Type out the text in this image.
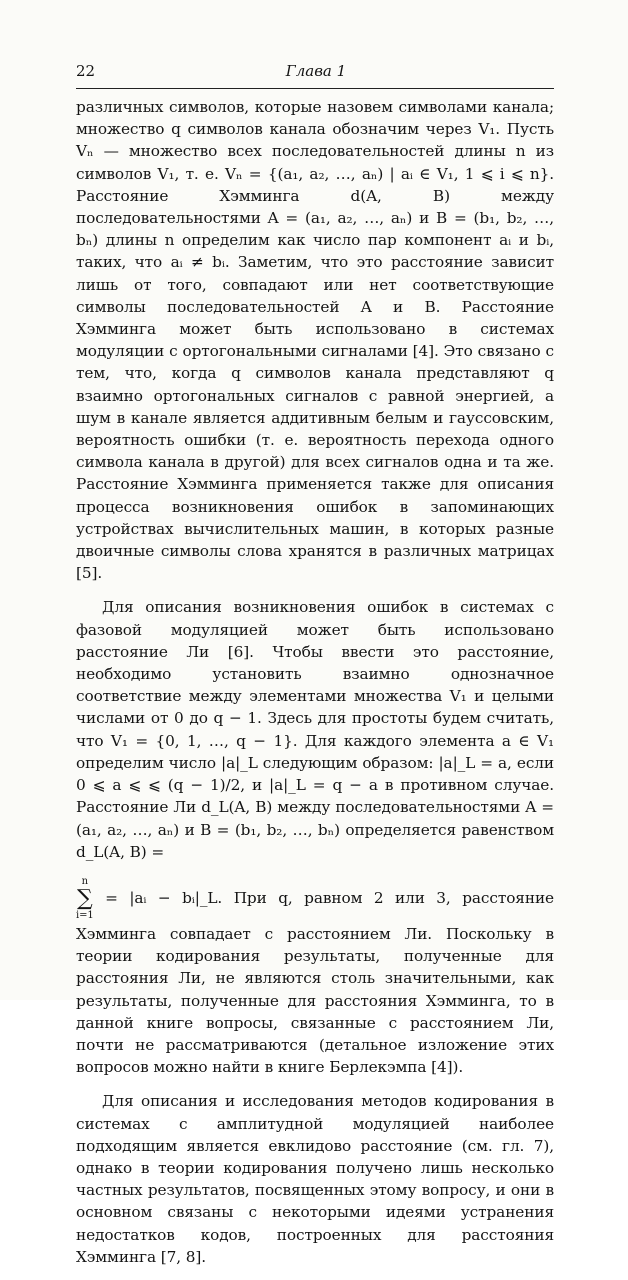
22	Глава 1

различных символов, которые назовем символами канала; множество q символов канала обозначим через V₁. Пусть Vₙ — множество всех последовательностей длины n из символов V₁, т. е. Vₙ = {(a₁, a₂, …, aₙ) | aᵢ ∈ V₁, 1 ⩽ i ⩽ n}. Расстояние Хэмминга d(A, B) между последовательностями A = (a₁, a₂, …, aₙ) и B = (b₁, b₂, …, bₙ) длины n определим как число пар компонент aᵢ и bᵢ, таких, что aᵢ ≠ bᵢ. Заметим, что это расстояние зависит лишь от того, совпадают или нет соответствующие символы последовательностей A и B. Расстояние Хэмминга может быть использовано в системах модуляции с ортогональными сигналами [4]. Это связано с тем, что, когда q символов канала представляют q взаимно ортогональных сигналов с равной энергией, а шум в канале является аддитивным белым и гауссовским, вероятность ошибки (т. е. вероятность перехода одного символа канала в другой) для всех сигналов одна и та же. Расстояние Хэмминга применяется также для описания процесса возникновения ошибок в запоминающих устройствах вычислительных машин, в которых разные двоичные символы слова хранятся в различных матрицах [5].

Для описания возникновения ошибок в системах с фазовой модуляцией может быть использовано расстояние Ли [6]. Чтобы ввести это расстояние, необходимо установить взаимно однозначное соответствие между элементами множества V₁ и целыми числами от 0 до q − 1. Здесь для простоты будем считать, что V₁ = {0, 1, …, q − 1}. Для каждого элемента a ∈ V₁ определим число |a|_L следующим образом: |a|_L = a, если 0 ⩽ a ⩽ ⩽ (q − 1)/2, и |a|_L = q − a в противном случае. Расстояние Ли d_L(A, B) между последовательностями A = (a₁, a₂, …, aₙ) и B = (b₁, b₂, …, bₙ) определяется равенством d_L(A, B) =

n
∑
i=1
= |aᵢ − bᵢ|_L. При q, равном 2 или 3, расстояние Хэмминга совпадает с расстоянием Ли. Поскольку в теории кодирования результаты, полученные для расстояния Ли, не являются столь значительными, как результаты, полученные для расстояния Хэмминга, то в данной книге вопросы, связанные с расстоянием Ли, почти не рассматриваются (детальное изложение этих вопросов можно найти в книге Берлекэмпа [4]).

Для описания и исследования методов кодирования в системах с амплитудной модуляцией наиболее подходящим является евклидово расстояние (см. гл. 7), однако в теории кодирования получено лишь несколько частных результатов, посвященных этому вопросу, и они в основном связаны с некоторыми идеями устранения недостатков кодов, построенных для расстояния Хэмминга [7, 8].
